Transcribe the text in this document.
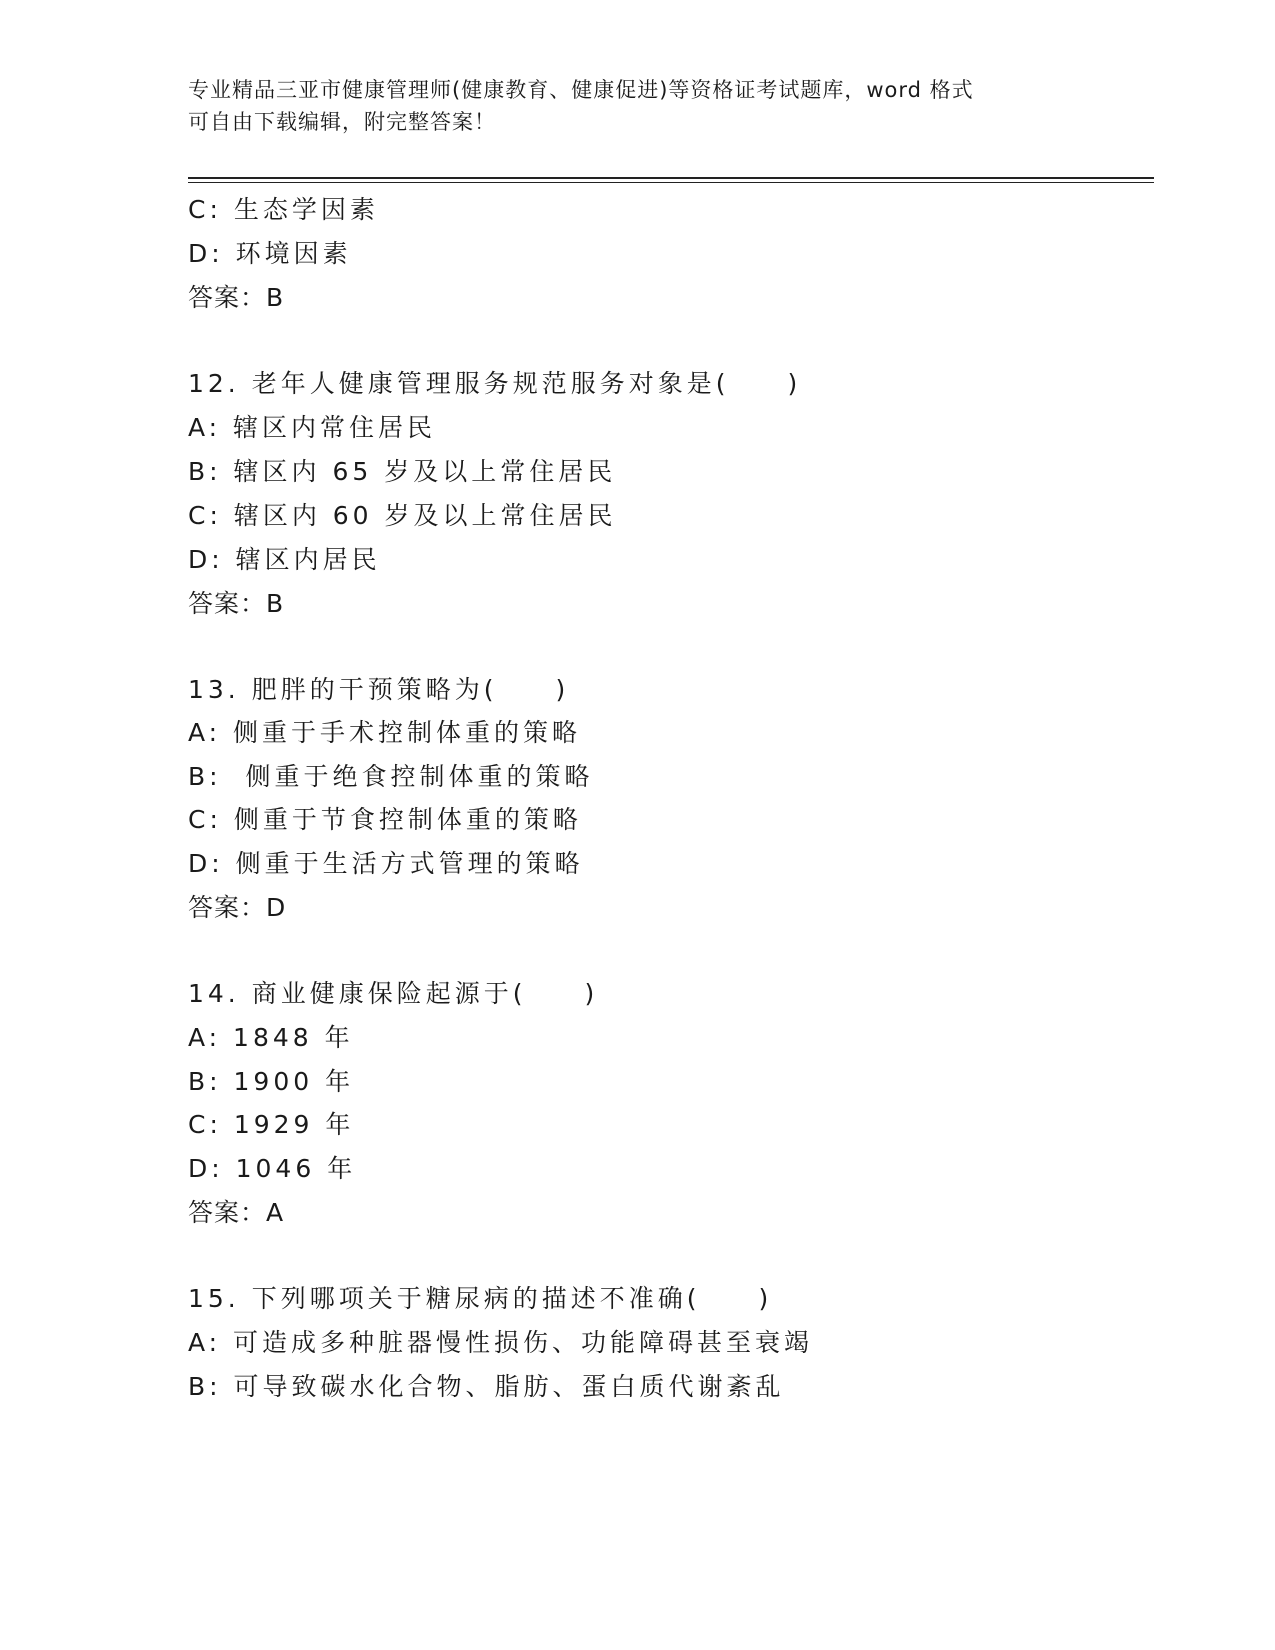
专业精品三亚市健康管理师(健康教育、健康促进)等资格证考试题库，word 格式
可自由下载编辑，附完整答案！
C: 生态学因素
D: 环境因素
答案：B
12. 老年人健康管理服务规范服务对象是(　　)
A: 辖区内常住居民
B: 辖区内 65 岁及以上常住居民
C: 辖区内 60 岁及以上常住居民
D: 辖区内居民
答案：B
13. 肥胖的干预策略为(　　)
A: 侧重于手术控制体重的策略
B:  侧重于绝食控制体重的策略
C: 侧重于节食控制体重的策略
D: 侧重于生活方式管理的策略
答案：D
14. 商业健康保险起源于(　　)
A: 1848 年
B: 1900 年
C: 1929 年
D: 1046 年
答案：A
15. 下列哪项关于糖尿病的描述不准确(　　)
A: 可造成多种脏器慢性损伤、功能障碍甚至衰竭
B: 可导致碳水化合物、脂肪、蛋白质代谢紊乱
